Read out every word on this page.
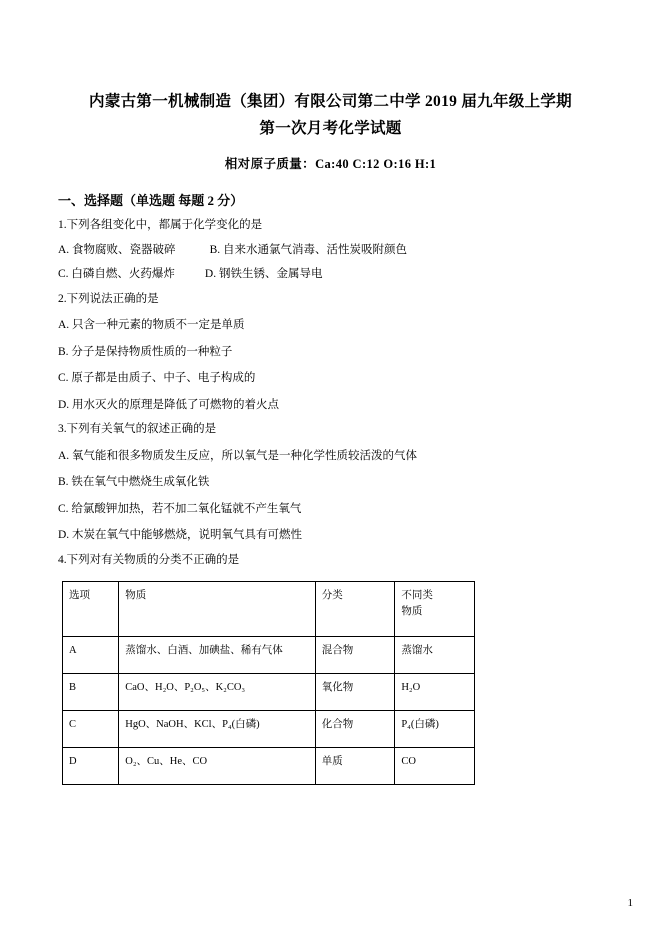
内蒙古第一机械制造（集团）有限公司第二中学 2019 届九年级上学期
第一次月考化学试题
相对原子质量：Ca:40 C:12 O:16 H:1
一、选择题（单选题 每题 2 分）
1.下列各组变化中，都属于化学变化的是
A. 食物腐败、瓷器破碎	B. 自来水通氯气消毒、活性炭吸附颜色
C. 白磷自燃、火药爆炸	D. 钢铁生锈、金属导电
2.下列说法正确的是
A. 只含一种元素的物质不一定是单质
B. 分子是保持物质性质的一种粒子
C. 原子都是由质子、中子、电子构成的
D. 用水灭火的原理是降低了可燃物的着火点
3.下列有关氧气的叙述正确的是
A. 氧气能和很多物质发生反应，所以氧气是一种化学性质较活泼的气体
B. 铁在氧气中燃烧生成氧化铁
C. 给氯酸钾加热，若不加二氧化锰就不产生氧气
D. 木炭在氧气中能够燃烧，说明氧气具有可燃性
4.下列对有关物质的分类不正确的是
选项	物质	分类	不同类
物质

A	蒸馏水、白酒、加碘盐、稀有气体	混合物	蒸馏水
B	CaO、H₂O、P₂O₅、K₂CO₃	氧化物	H₂O
C	HgO、NaOH、KCl、P₄(白磷)	化合物	P₄(白磷)
D	O₂、Cu、He、CO	单质	CO
1
